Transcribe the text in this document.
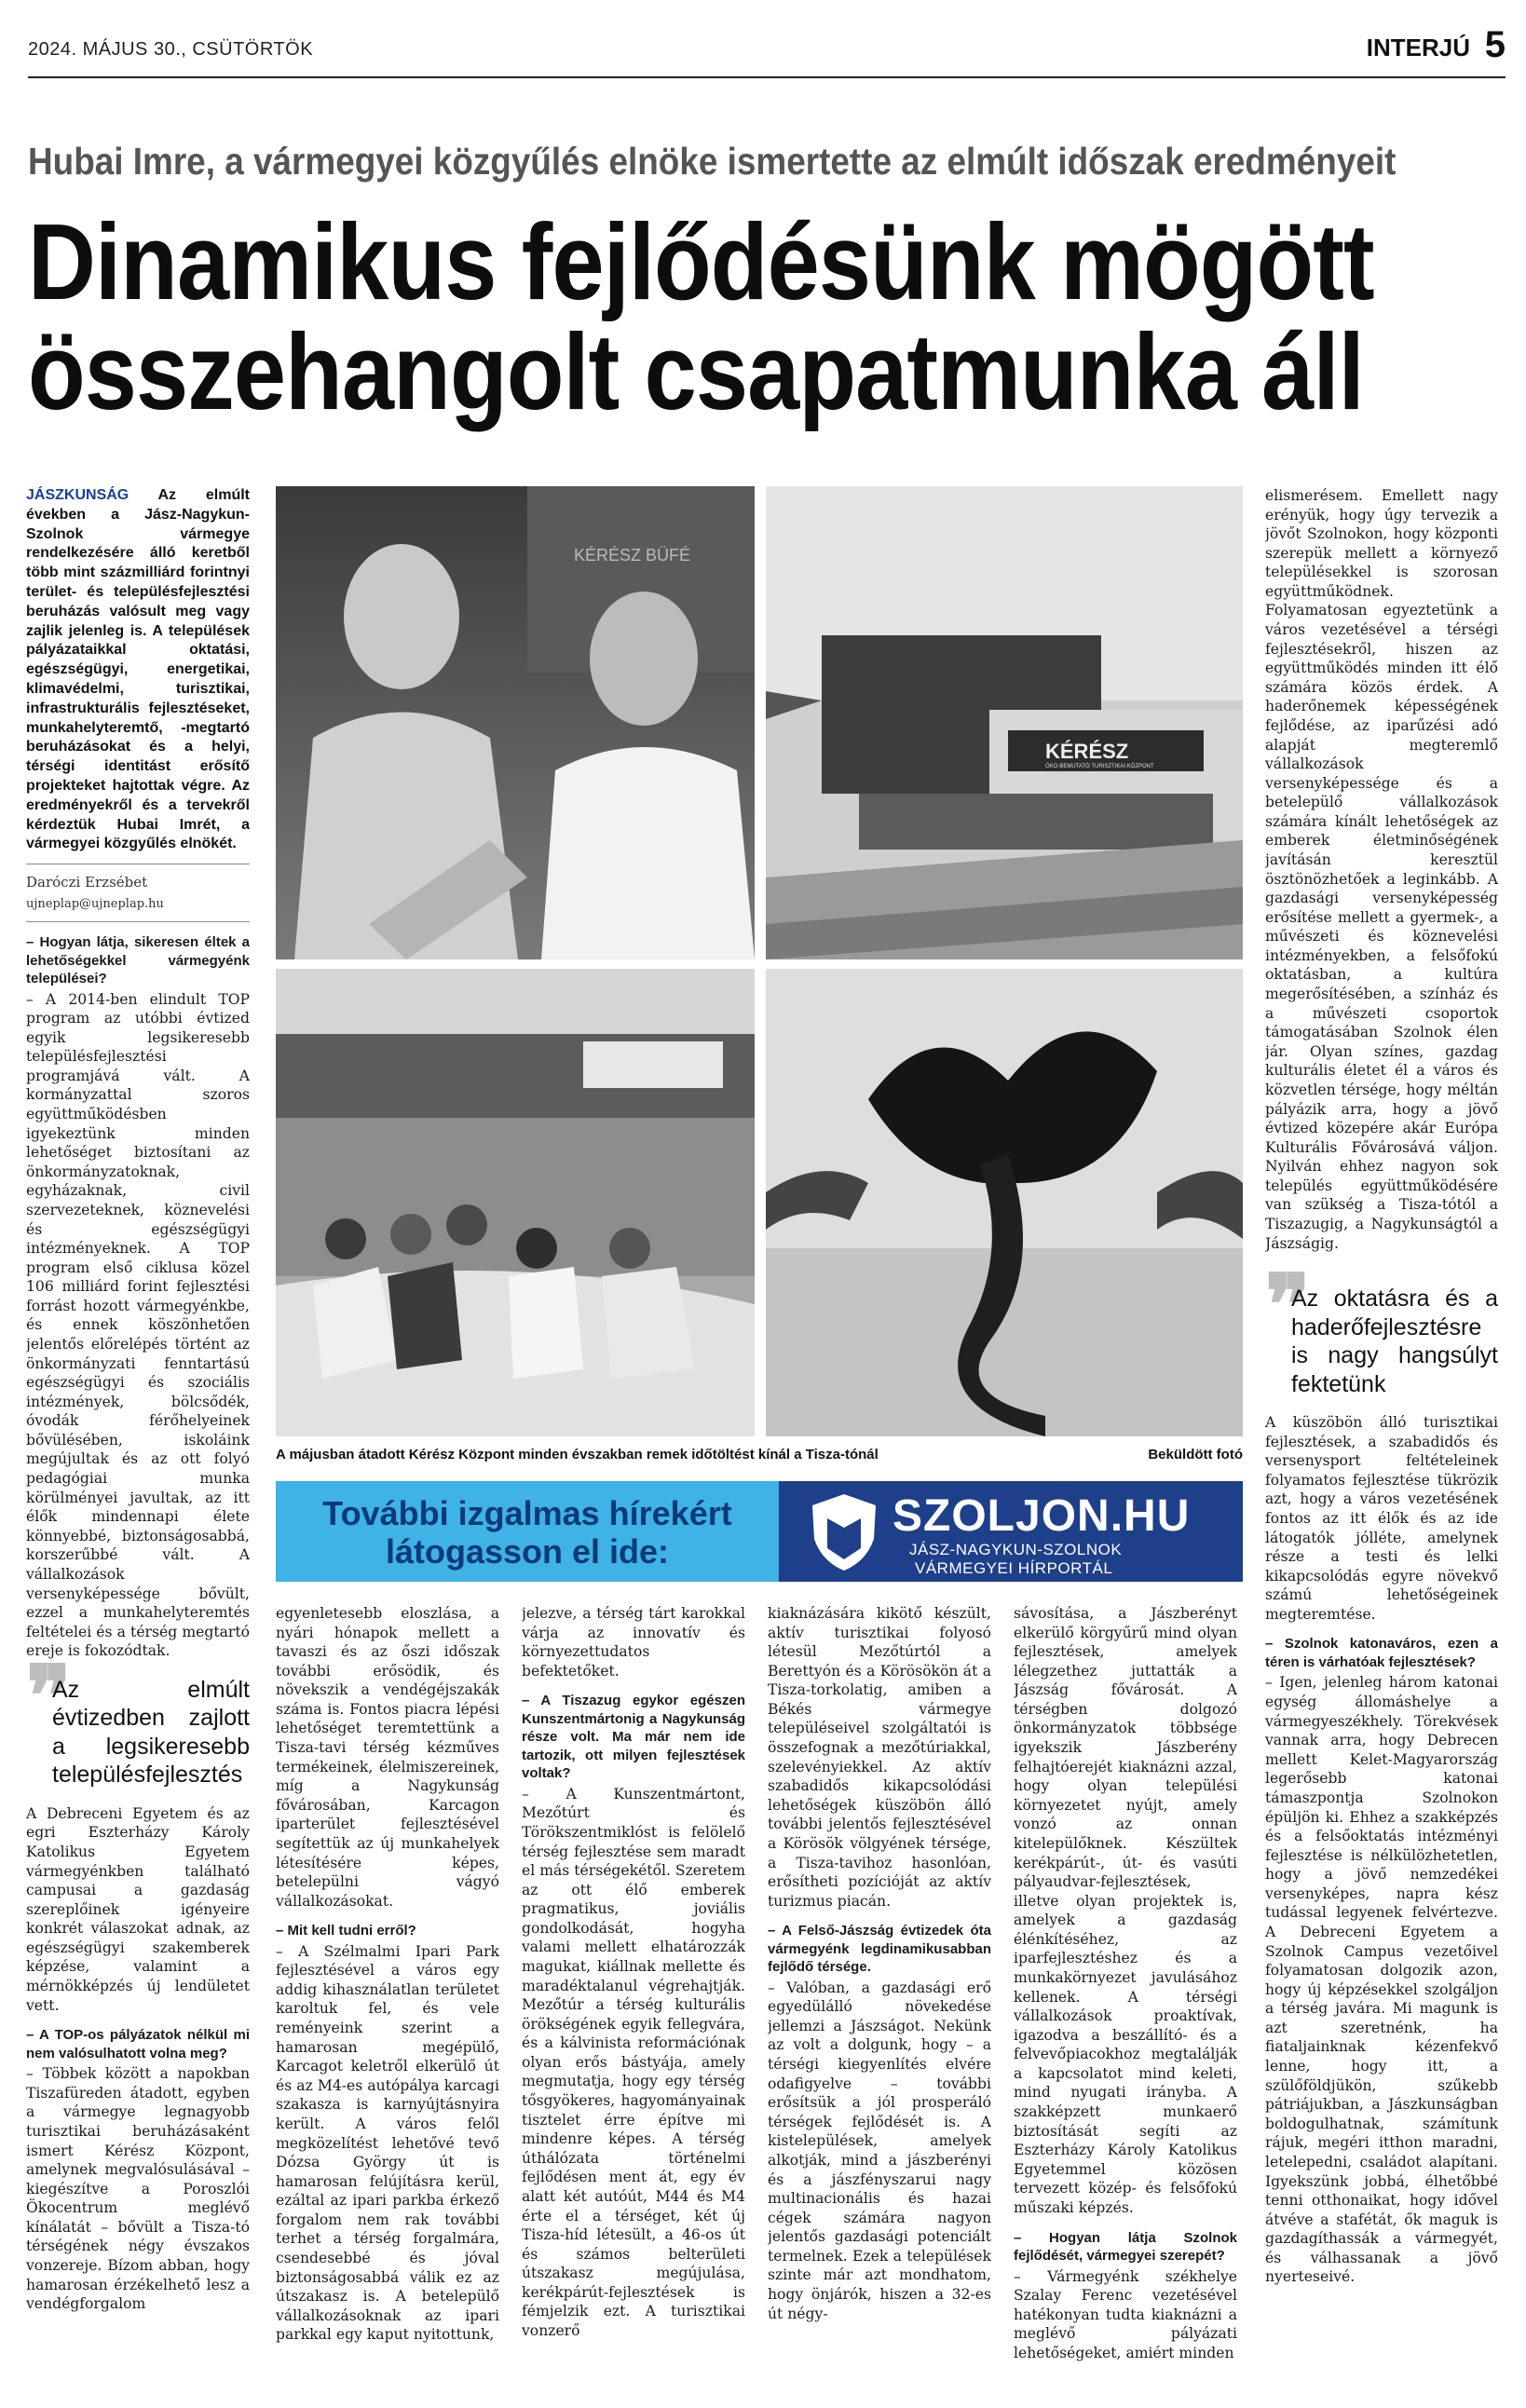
2024. MÁJUS 30., CSÜTÖRTÖK	INTERJÚ 5
Hubai Imre, a vármegyei közgyűlés elnöke ismertette az elmúlt időszak eredményeit
Dinamikus fejlődésünk mögött
összehangolt csapatmunka áll

JÁSZKUNSÁG Az elmúlt években a Jász-Nagykun-Szolnok vármegye rendelkezésére álló keretből több mint százmilliárd forintnyi terület- és településfejlesztési beruházás valósult meg vagy zajlik jelenleg is. A települések pályázataikkal oktatási, egészségügyi, energetikai, klimavédelmi, turisztikai, infrastrukturális fejlesztéseket, munkahelyteremtő, -megtartó beruházásokat és a helyi, térségi identitást erősítő projekteket hajtottak végre. Az eredményekről és a tervekről kérdeztük Hubai Imrét, a vármegyei közgyűlés elnökét.

Daróczi Erzsébet
ujneplap@ujneplap.hu

– Hogyan látja, sikeresen éltek a lehetőségekkel vármegyénk települései?

– A 2014-ben elindult TOP program az utóbbi évtized egyik legsikeresebb településfejlesztési programjává vált. A kormányzattal szoros együttműködésben igyekeztünk minden lehetőséget biztosítani az önkormányzatoknak, egyházaknak, civil szervezeteknek, köznevelési és egészségügyi intézményeknek. A TOP program első ciklusa közel 106 milliárd forint fejlesztési forrást hozott vármegyénkbe, és ennek köszönhetően jelentős előrelépés történt az önkormányzati fenntartású egészségügyi és szociális intézmények, bölcsődék, óvodák férőhelyeinek bővülésében, iskoláink megújultak és az ott folyó pedagógiai munka körülményei javultak, az itt élők mindennapi élete könnyebbé, biztonságosabbá, korszerűbbé vált. A vállalkozások versenyképessége bővült, ezzel a munkahelyteremtés feltételei és a térség megtartó ereje is fokozódtak.

❞
Az elmúlt évtizedben zajlott a legsikeresebb településfejlesztés

A Debreceni Egyetem és az egri Eszterházy Károly Katolikus Egyetem vármegyénkben található campusai a gazdaság szereplőinek igényeire konkrét válaszokat adnak, az egészségügyi szakemberek képzése, valamint a mérnökképzés új lendületet vett.

– A TOP-os pályázatok nélkül mi nem valósulhatott volna meg?

– Többek között a napokban Tiszafüreden átadott, egyben a vármegye legnagyobb turisztikai beruházásaként ismert Kérész Központ, amelynek megvalósulásával – kiegészítve a Poroszlói Ökocentrum meglévő kínálatát – bővült a Tisza-tó térségének négy évszakos vonzereje. Bízom abban, hogy hamarosan érzékelhető lesz a vendégforgalom

KÉRÉSZ BÜFÉ
KÉRÉSZ
ÖKO-BEMUTATÓ TURISZTIKAI KÖZPONT
A májusban átadott Kérész Központ minden évszakban remek időtöltést kínál a Tisza-tónál	Beküldött fotó
További izgalmas hírekért
látogasson el ide:
SZOLJON.HU
JÁSZ-NAGYKUN-SZOLNOK
VÁRMEGYEI HÍRPORTÁL

egyenletesebb eloszlása, a nyári hónapok mellett a tavaszi és az őszi időszak további erősödik, és növekszik a vendégéjszakák száma is. Fontos piacra lépési lehetőséget teremtettünk a Tisza-tavi térség kézműves termékeinek, élelmiszereinek, míg a Nagykunság fővárosában, Karcagon iparterület fejlesztésével segítettük az új munkahelyek létesítésére képes, betelepülni vágyó vállalkozásokat.

– Mit kell tudni erről?

– A Szélmalmi Ipari Park fejlesztésével a város egy addig kihasználatlan területet karoltuk fel, és vele reményeink szerint a hamarosan megépülő, Karcagot keletről elkerülő út és az M4-es autópálya karcagi szakasza is karnyújtásnyira került. A város felől megközelítést lehetővé tevő Dózsa György út is hamarosan felújításra kerül, ezáltal az ipari parkba érkező forgalom nem rak további terhet a térség forgalmára, csendesebbé és jóval biztonságosabbá válik ez az útszakasz is. A betelepülő vállalkozásoknak az ipari parkkal egy kaput nyitottunk,

jelezve, a térség tárt karokkal várja az innovatív és környezettudatos befektetőket.

– A Tiszazug egykor egészen Kunszentmártonig a Nagykunság része volt. Ma már nem ide tartozik, ott milyen fejlesztések voltak?

– A Kunszentmártont, Mezőtúrt és Törökszentmiklóst is felölelő térség fejlesztése sem maradt el más térségekétől. Szeretem az ott élő emberek pragmatikus, joviális gondolkodását, hogyha valami mellett elhatározzák magukat, kiállnak mellette és maradéktalanul végrehajtják. Mezőtúr a térség kulturális örökségének egyik fellegvára, és a kálvinista reformációnak olyan erős bástyája, amely megmutatja, hogy egy térség tősgyökeres, hagyományainak tisztelet érre építve mi mindenre képes. A térség úthálózata történelmi fejlődésen ment át, egy év alatt két autóút, M44 és M4 érte el a térséget, két új Tisza-híd létesült, a 46-os út és számos belterületi útszakasz megújulása, kerékpárút-fejlesztések is fémjelzik ezt. A turisztikai vonzerő

kiaknázására kikötő készült, aktív turisztikai folyosó létesül Mezőtúrtól a Berettyón és a Körösökön át a Tisza-torkolatig, amiben a Békés vármegye településeivel szolgáltatói is összefognak a mezőtúriakkal, szelevényiekkel. Az aktív szabadidős kikapcsolódási lehetőségek küszöbön álló további jelentős fejlesztésével a Körösök völgyének térsége, a Tisza-tavihoz hasonlóan, erősítheti pozícióját az aktív turizmus piacán.

– A Felső-Jászság évtizedek óta vármegyénk legdinamikusabban fejlődő térsége.

– Valóban, a gazdasági erő egyedülálló növekedése jellemzi a Jászságot. Nekünk az volt a dolgunk, hogy – a térségi kiegyenlítés elvére odafigyelve – további erősítsük a jól prosperáló térségek fejlődését is. A kistelepülések, amelyek alkotják, mind a jászberényi és a jászfényszarui nagy multinacionális és hazai cégek számára nagyon jelentős gazdasági potenciált termelnek. Ezek a települések szinte már azt mondhatom, hogy önjárók, hiszen a 32-es út négy-

sávosítása, a Jászberényt elkerülő körgyűrű mind olyan fejlesztések, amelyek lélegzethez juttatták a Jászság fővárosát. A térségben dolgozó önkormányzatok többsége igyekszik Jászberény felhajtóerejét kiaknázni azzal, hogy olyan települési környezetet nyújt, amely vonzó az onnan kitelepülőknek. Készültek kerékpárút-, út- és vasúti pályaudvar-fejlesztések, illetve olyan projektek is, amelyek a gazdaság élénkítéséhez, az iparfejlesztéshez és a munkakörnyezet javulásához kellenek. A térségi vállalkozások proaktívak, igazodva a beszállító- és a felvevőpiacokhoz megtalálják a kapcsolatot mind keleti, mind nyugati irányba. A szakképzett munkaerő biztosítását segíti az Eszterházy Károly Katolikus Egyetemmel közösen tervezett közép- és felsőfokú műszaki képzés.

– Hogyan látja Szolnok fejlődését, vármegyei szerepét?

– Vármegyénk székhelye Szalay Ferenc vezetésével hatékonyan tudta kiaknázni a meglévő pályázati lehetőségeket, amiért minden

elismerésem. Emellett nagy erényük, hogy úgy tervezik a jövőt Szolnokon, hogy központi szerepük mellett a környező településekkel is szorosan együttműködnek. Folyamatosan egyeztetünk a város vezetésével a térségi fejlesztésekről, hiszen az együttműködés minden itt élő számára közös érdek. A haderőnemek képességének fejlődése, az iparűzési adó alapját megteremlő vállalkozások versenyképessége és a betelepülő vállalkozások számára kínált lehetőségek az emberek életminőségének javításán keresztül ösztönözhetőek a leginkább. A gazdasági versenyképesség erősítése mellett a gyermek-, a művészeti és köznevelési intézményekben, a felsőfokú oktatásban, a kultúra megerősítésében, a színház és a művészeti csoportok támogatásában Szolnok élen jár. Olyan színes, gazdag kulturális életet él a város és közvetlen térsége, hogy méltán pályázik arra, hogy a jövő évtized közepére akár Európa Kulturális Fővárosává váljon. Nyilván ehhez nagyon sok település együttműködésére van szükség a Tisza-tótól a Tiszazugig, a Nagykunságtól a Jászságig.

❞
Az oktatásra és a haderőfejlesztésre is nagy hangsúlyt fektetünk

A küszöbön álló turisztikai fejlesztések, a szabadidős és versenysport feltételeinek folyamatos fejlesztése tükrözik azt, hogy a város vezetésének fontos az itt élők és az ide látogatók jólléte, amelynek része a testi és lelki kikapcsolódás egyre növekvő számú lehetőségeinek megteremtése.

– Szolnok katonaváros, ezen a téren is várhatóak fejlesztések?

– Igen, jelenleg három katonai egység állomáshelye a vármegyeszékhely. Törekvések vannak arra, hogy Debrecen mellett Kelet-Magyarország legerősebb katonai támaszpontja Szolnokon épüljön ki. Ehhez a szakképzés és a felsőoktatás intézményi fejlesztése is nélkülözhetetlen, hogy a jövő nemzedékei versenyképes, napra kész tudással legyenek felvértezve. A Debreceni Egyetem a Szolnok Campus vezetőivel folyamatosan dolgozik azon, hogy új képzésekkel szolgáljon a térség javára. Mi magunk is azt szeretnénk, ha fiataljainknak kézenfekvő lenne, hogy itt, a szülőföldjükön, szűkebb pátriájukban, a Jászkunságban boldogulhatnak, számítunk rájuk, megéri itthon maradni, letelepedni, családot alapítani. Igyekszünk jobbá, élhetőbbé tenni otthonaikat, hogy idővel átvéve a stafétát, ők maguk is gazdagíthassák a vármegyét, és válhassanak a jövő nyerteseivé.
